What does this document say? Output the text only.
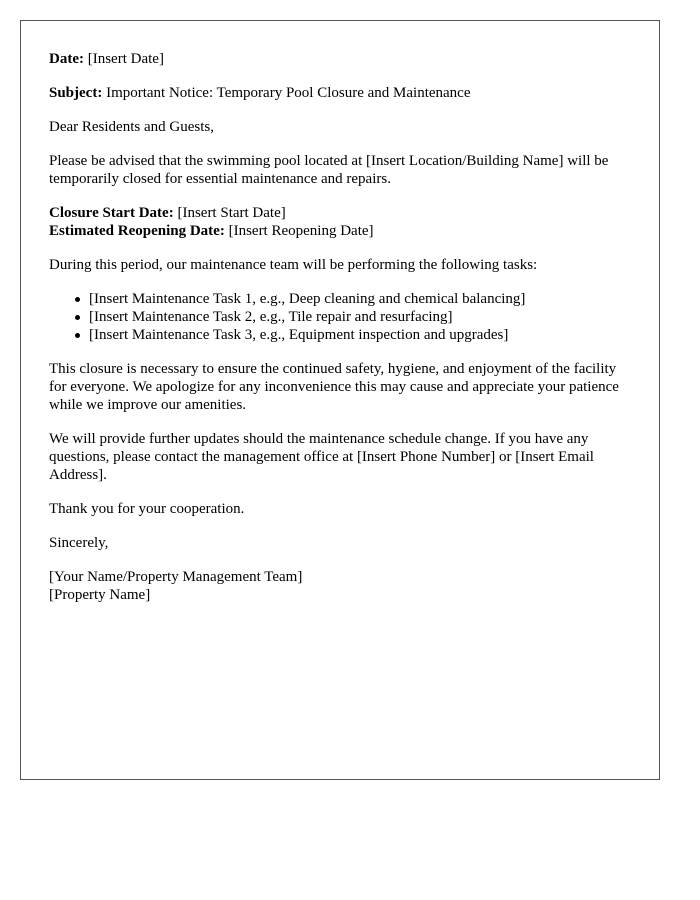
Date: [Insert Date]

Subject: Important Notice: Temporary Pool Closure and Maintenance

Dear Residents and Guests,

Please be advised that the swimming pool located at [Insert Location/Building Name] will be temporarily closed for essential maintenance and repairs.

Closure Start Date: [Insert Start Date]

Estimated Reopening Date: [Insert Reopening Date]

During this period, our maintenance team will be performing the following tasks:

[Insert Maintenance Task 1, e.g., Deep cleaning and chemical balancing]
[Insert Maintenance Task 2, e.g., Tile repair and resurfacing]
[Insert Maintenance Task 3, e.g., Equipment inspection and upgrades]

This closure is necessary to ensure the continued safety, hygiene, and enjoyment of the facility for everyone. We apologize for any inconvenience this may cause and appreciate your patience while we improve our amenities.

We will provide further updates should the maintenance schedule change. If you have any questions, please contact the management office at [Insert Phone Number] or [Insert Email Address].

Thank you for your cooperation.

Sincerely,

[Your Name/Property Management Team]

[Property Name]
